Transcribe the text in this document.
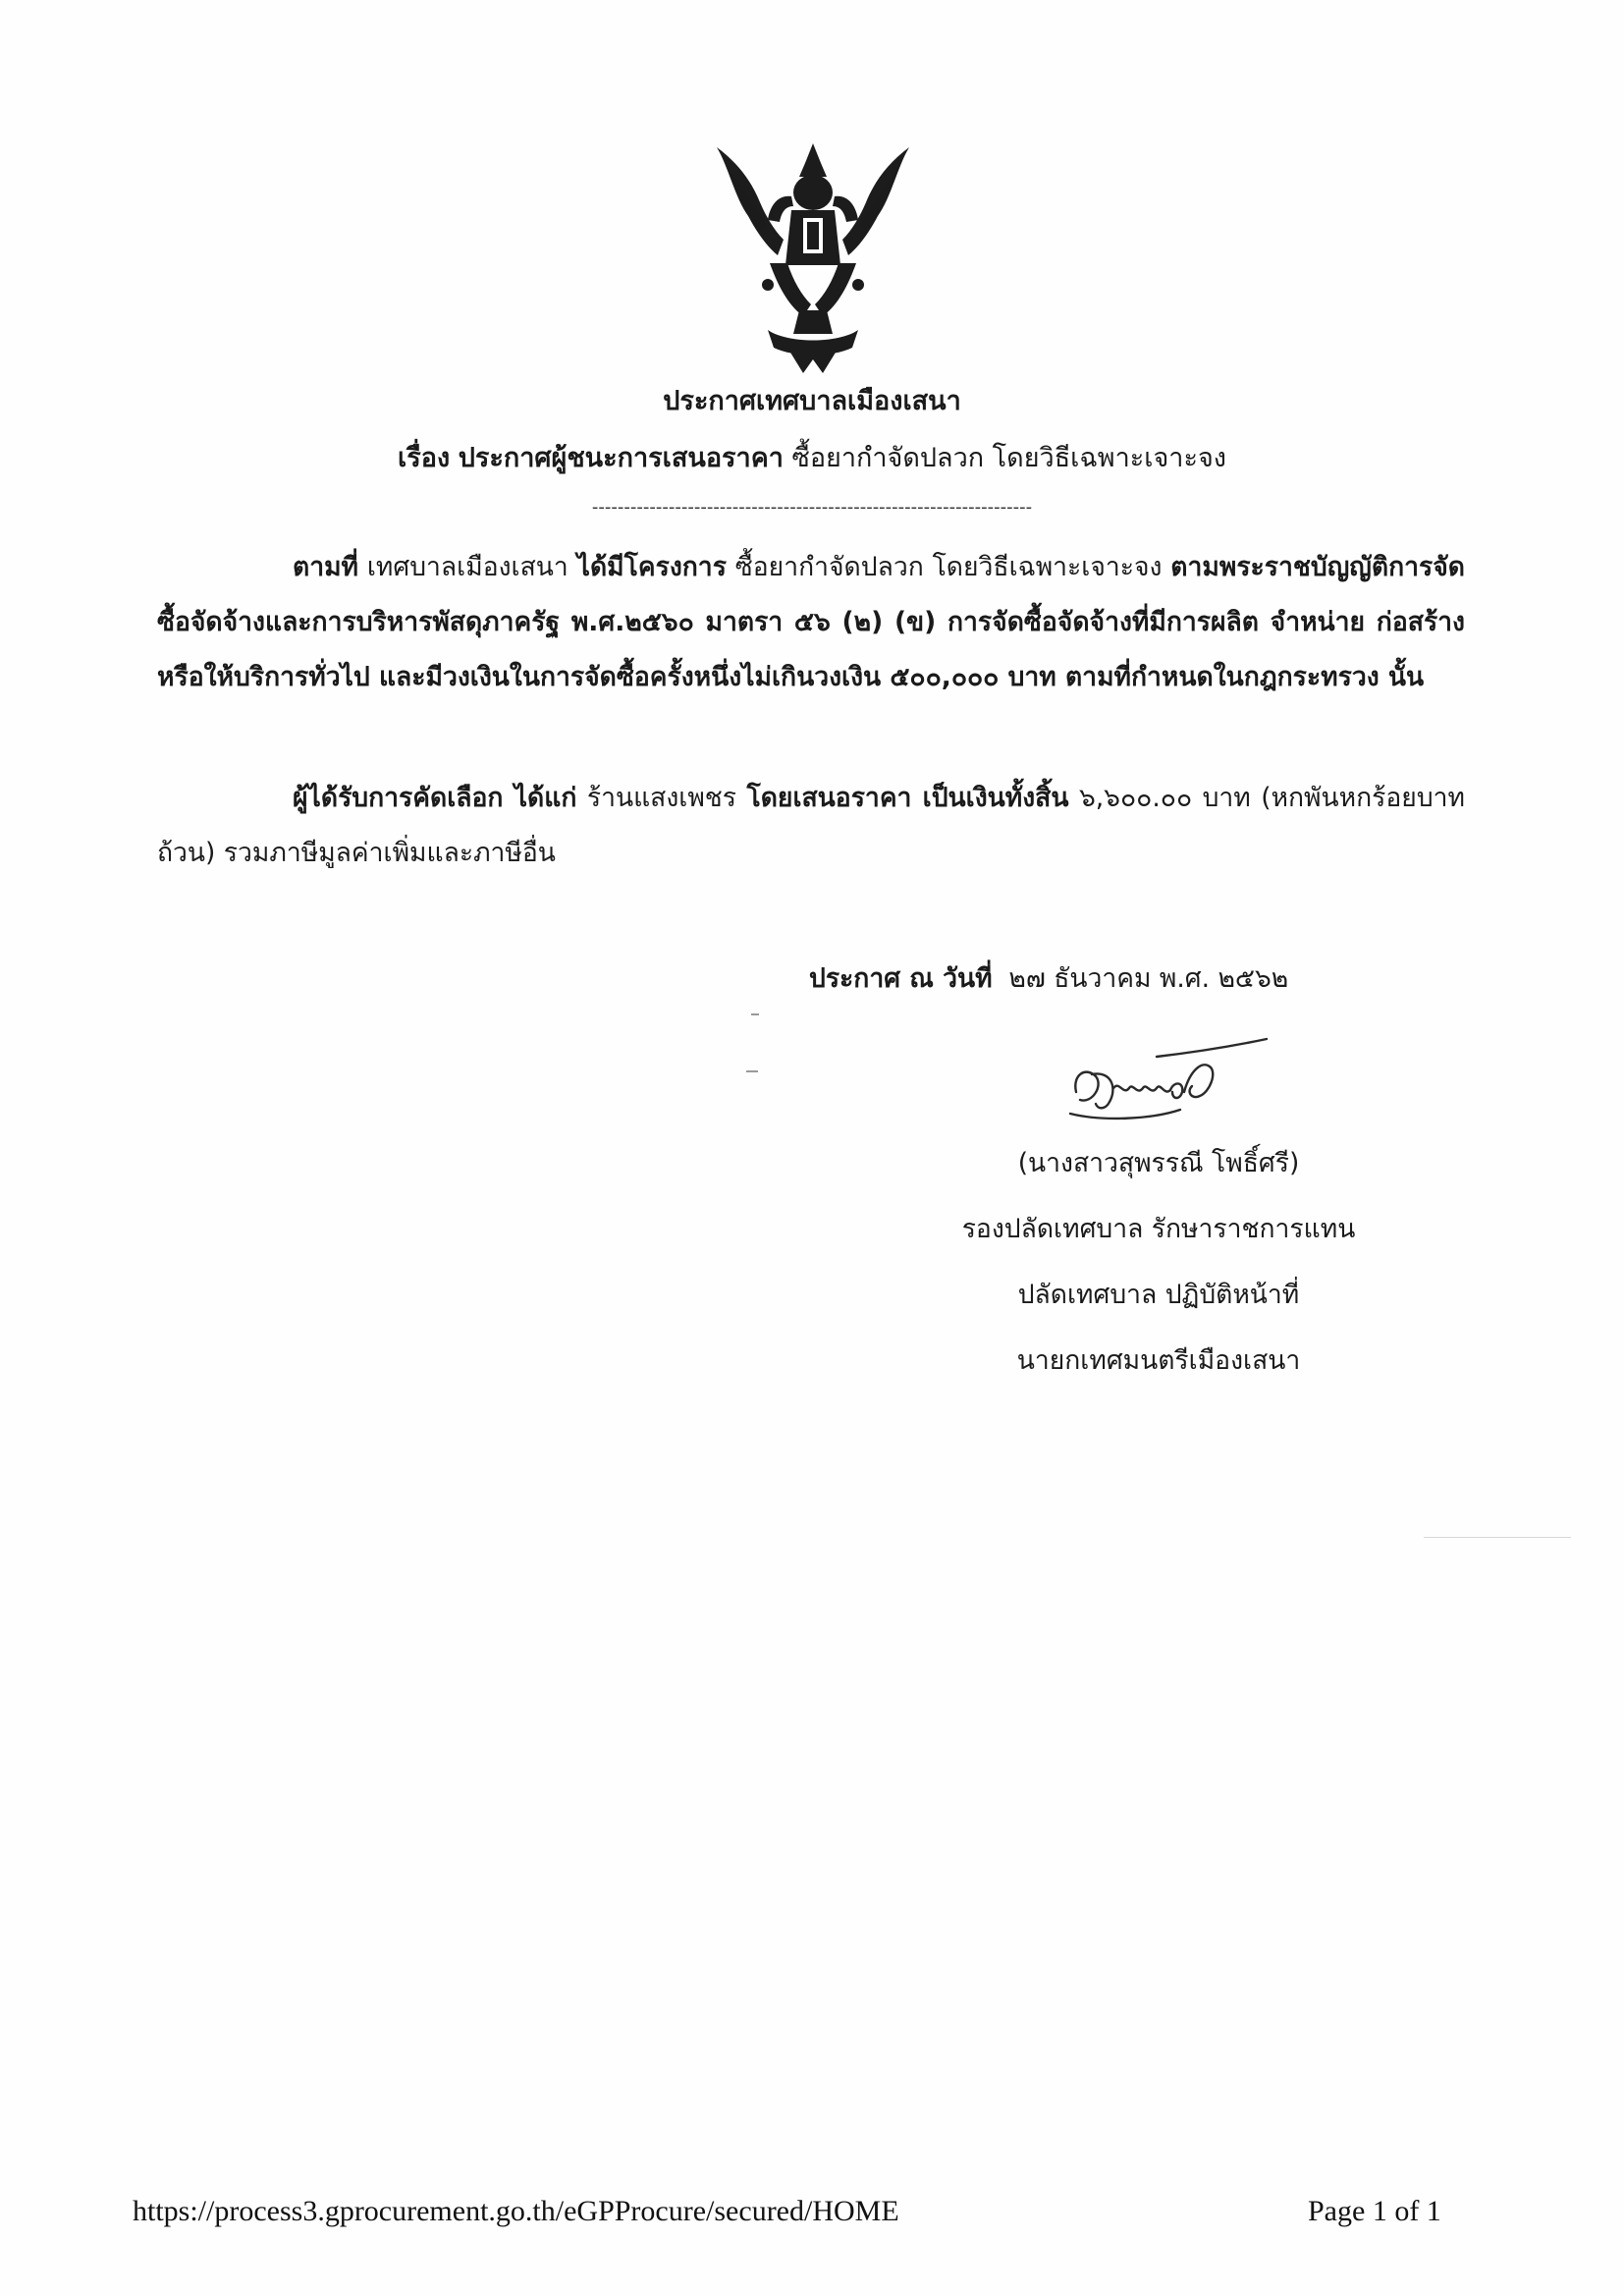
ประกาศเทศบาลเมืองเสนา
เรื่อง ประกาศผู้ชนะการเสนอราคา ซื้อยากำจัดปลวก โดยวิธีเฉพาะเจาะจง
---------------------------------------------------------------------
ตามที่ เทศบาลเมืองเสนา ได้มีโครงการ ซื้อยากำจัดปลวก โดยวิธีเฉพาะเจาะจง ตามพระราชบัญญัติการจัดซื้อจัดจ้างและการบริหารพัสดุภาครัฐ พ.ศ.๒๕๖๐ มาตรา ๕๖ (๒) (ข) การจัดซื้อจัดจ้างที่มีการผลิต จำหน่าย ก่อสร้าง หรือให้บริการทั่วไป และมีวงเงินในการจัดซื้อครั้งหนึ่งไม่เกินวงเงิน ๕๐๐,๐๐๐ บาท ตามที่กำหนดในกฎกระทรวง นั้น
ผู้ได้รับการคัดเลือก ได้แก่ ร้านแสงเพชร โดยเสนอราคา เป็นเงินทั้งสิ้น ๖,๖๐๐.๐๐ บาท (หกพันหกร้อยบาทถ้วน) รวมภาษีมูลค่าเพิ่มและภาษีอื่น
ประกาศ ณ วันที่ ๒๗ ธันวาคม พ.ศ. ๒๕๖๒
(นางสาวสุพรรณี โพธิ์ศรี)
รองปลัดเทศบาล รักษาราชการแทน
ปลัดเทศบาล ปฏิบัติหน้าที่
นายกเทศมนตรีเมืองเสนา
https://process3.gprocurement.go.th/eGPProcure/secured/HOME	Page 1 of 1
